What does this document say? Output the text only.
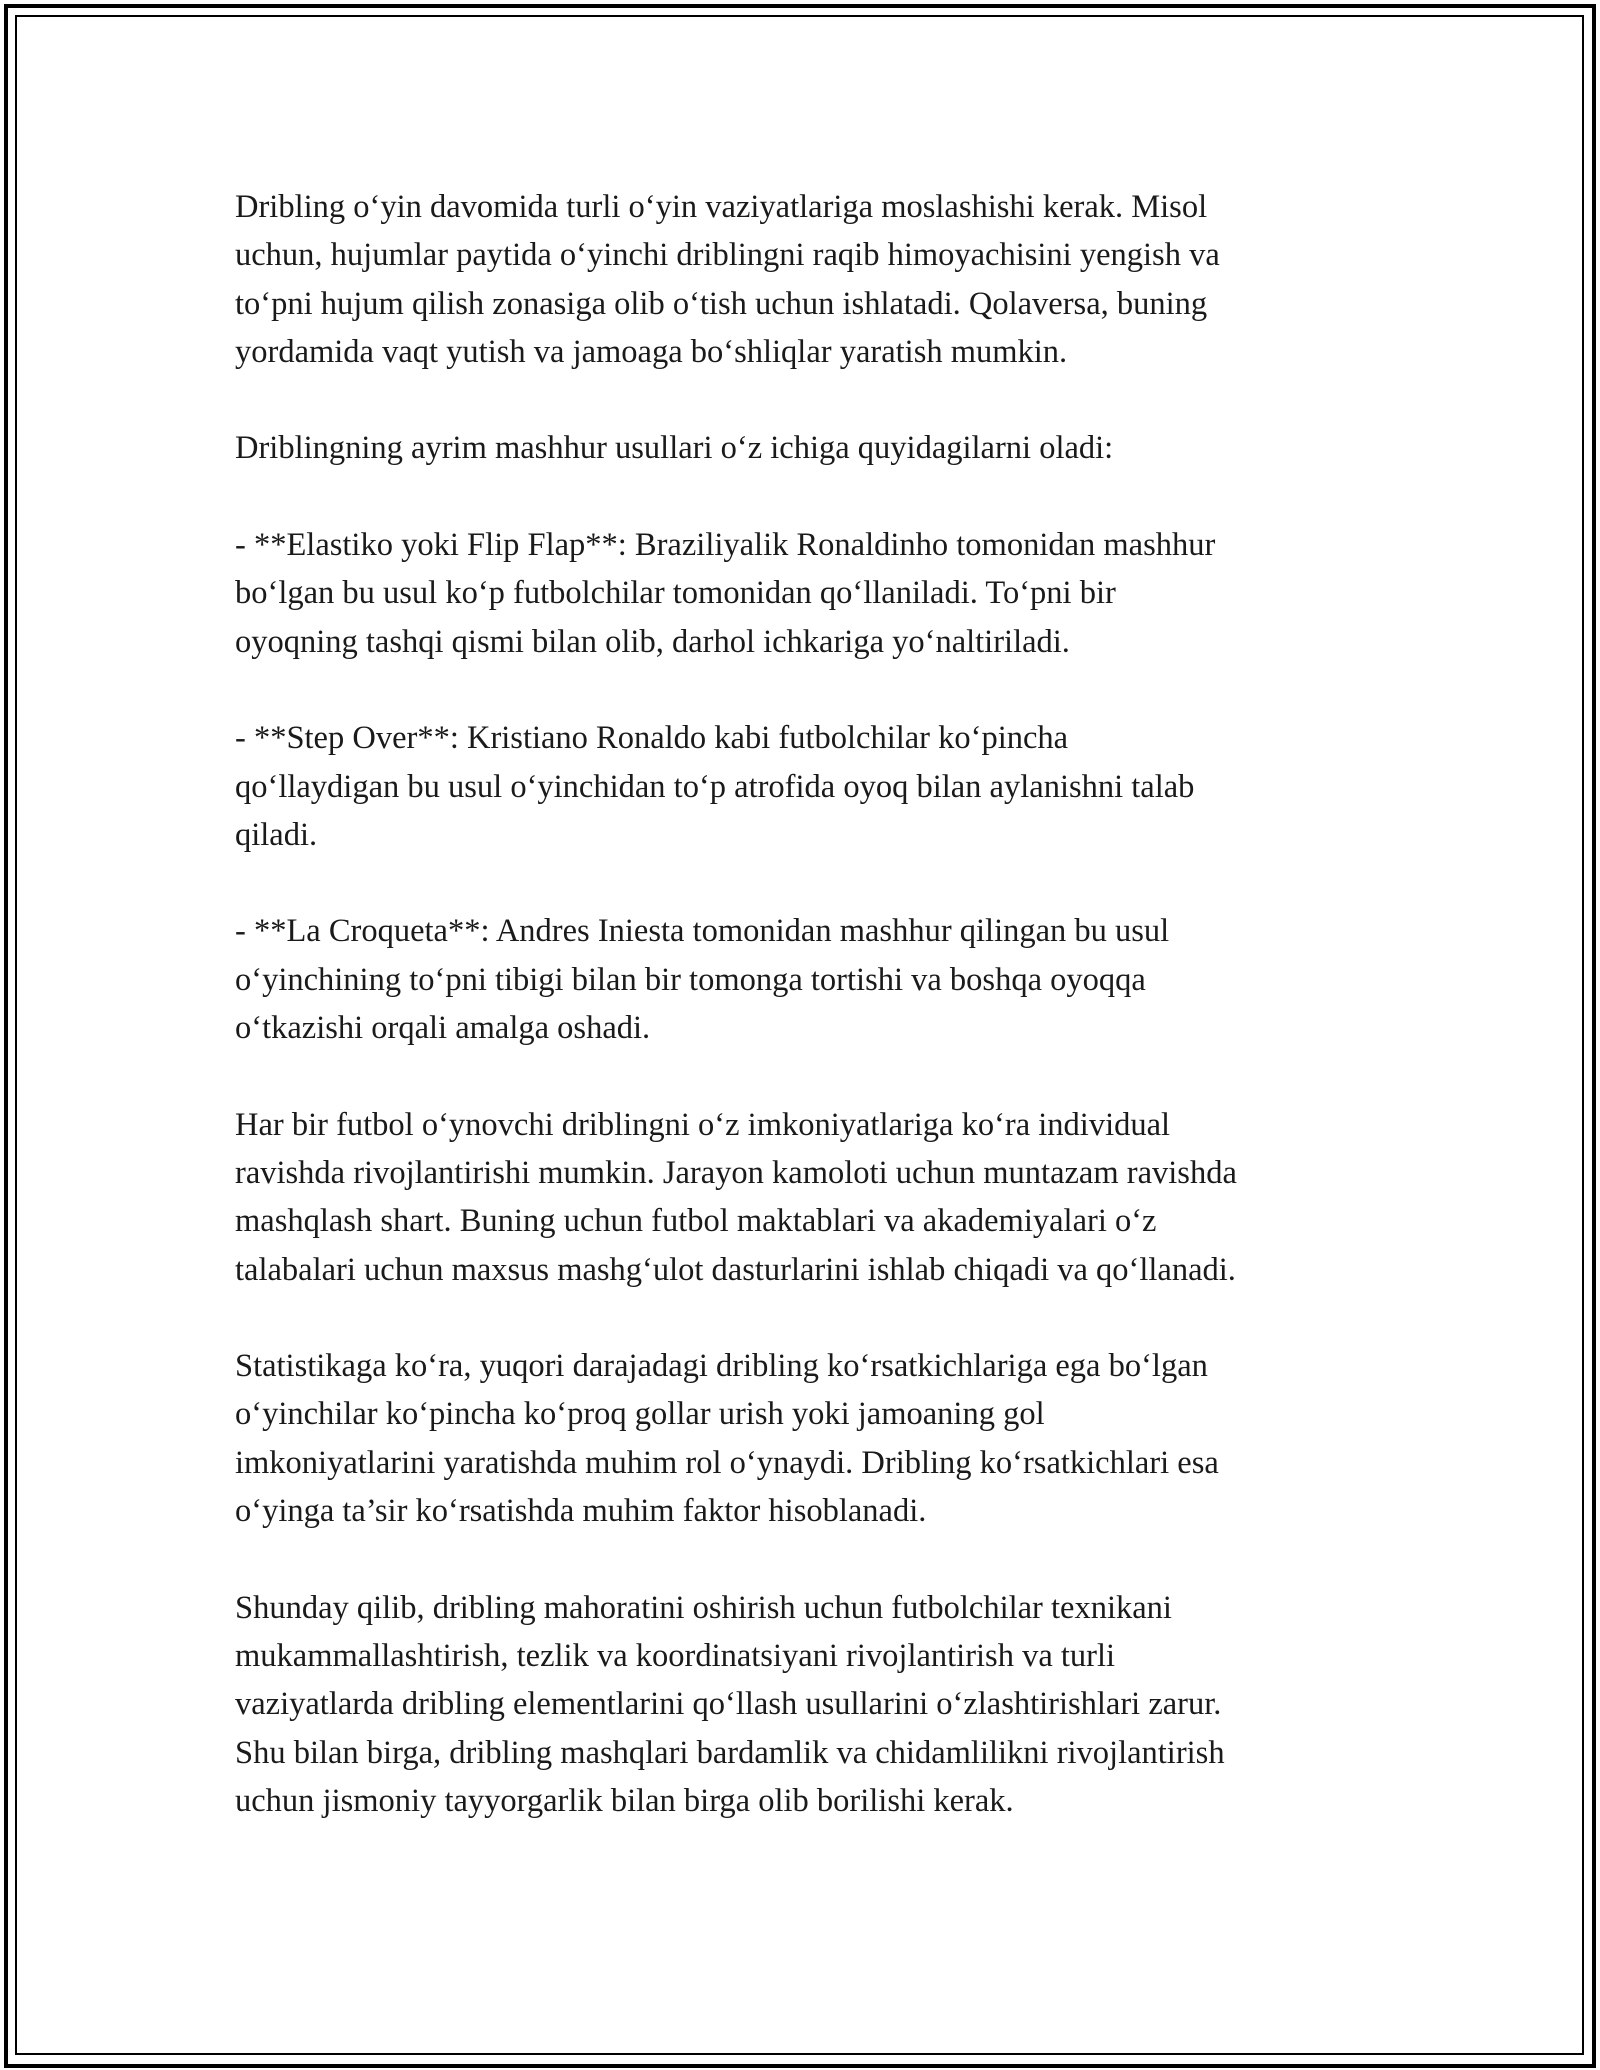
Dribling o‘yin davomida turli o‘yin vaziyatlariga moslashishi kerak. Misol
uchun, hujumlar paytida o‘yinchi driblingni raqib himoyachisini yengish va
to‘pni hujum qilish zonasiga olib o‘tish uchun ishlatadi. Qolaversa, buning
yordamida vaqt yutish va jamoaga bo‘shliqlar yaratish mumkin.

Driblingning ayrim mashhur usullari o‘z ichiga quyidagilarni oladi:

- **Elastiko yoki Flip Flap**: Braziliyalik Ronaldinho tomonidan mashhur
bo‘lgan bu usul ko‘p futbolchilar tomonidan qo‘llaniladi. To‘pni bir
oyoqning tashqi qismi bilan olib, darhol ichkariga yo‘naltiriladi.

- **Step Over**: Kristiano Ronaldo kabi futbolchilar ko‘pincha
qo‘llaydigan bu usul o‘yinchidan to‘p atrofida oyoq bilan aylanishni talab
qiladi.

- **La Croqueta**: Andres Iniesta tomonidan mashhur qilingan bu usul
o‘yinchining to‘pni tibigi bilan bir tomonga tortishi va boshqa oyoqqa
o‘tkazishi orqali amalga oshadi.

Har bir futbol o‘ynovchi driblingni o‘z imkoniyatlariga ko‘ra individual
ravishda rivojlantirishi mumkin. Jarayon kamoloti uchun muntazam ravishda
mashqlash shart. Buning uchun futbol maktablari va akademiyalari o‘z
talabalari uchun maxsus mashg‘ulot dasturlarini ishlab chiqadi va qo‘llanadi.

Statistikaga ko‘ra, yuqori darajadagi dribling ko‘rsatkichlariga ega bo‘lgan
o‘yinchilar ko‘pincha ko‘proq gollar urish yoki jamoaning gol
imkoniyatlarini yaratishda muhim rol o‘ynaydi. Dribling ko‘rsatkichlari esa
o‘yinga ta’sir ko‘rsatishda muhim faktor hisoblanadi.

Shunday qilib, dribling mahoratini oshirish uchun futbolchilar texnikani
mukammallashtirish, tezlik va koordinatsiyani rivojlantirish va turli
vaziyatlarda dribling elementlarini qo‘llash usullarini o‘zlashtirishlari zarur.
Shu bilan birga, dribling mashqlari bardamlik va chidamlilikni rivojlantirish
uchun jismoniy tayyorgarlik bilan birga olib borilishi kerak.
